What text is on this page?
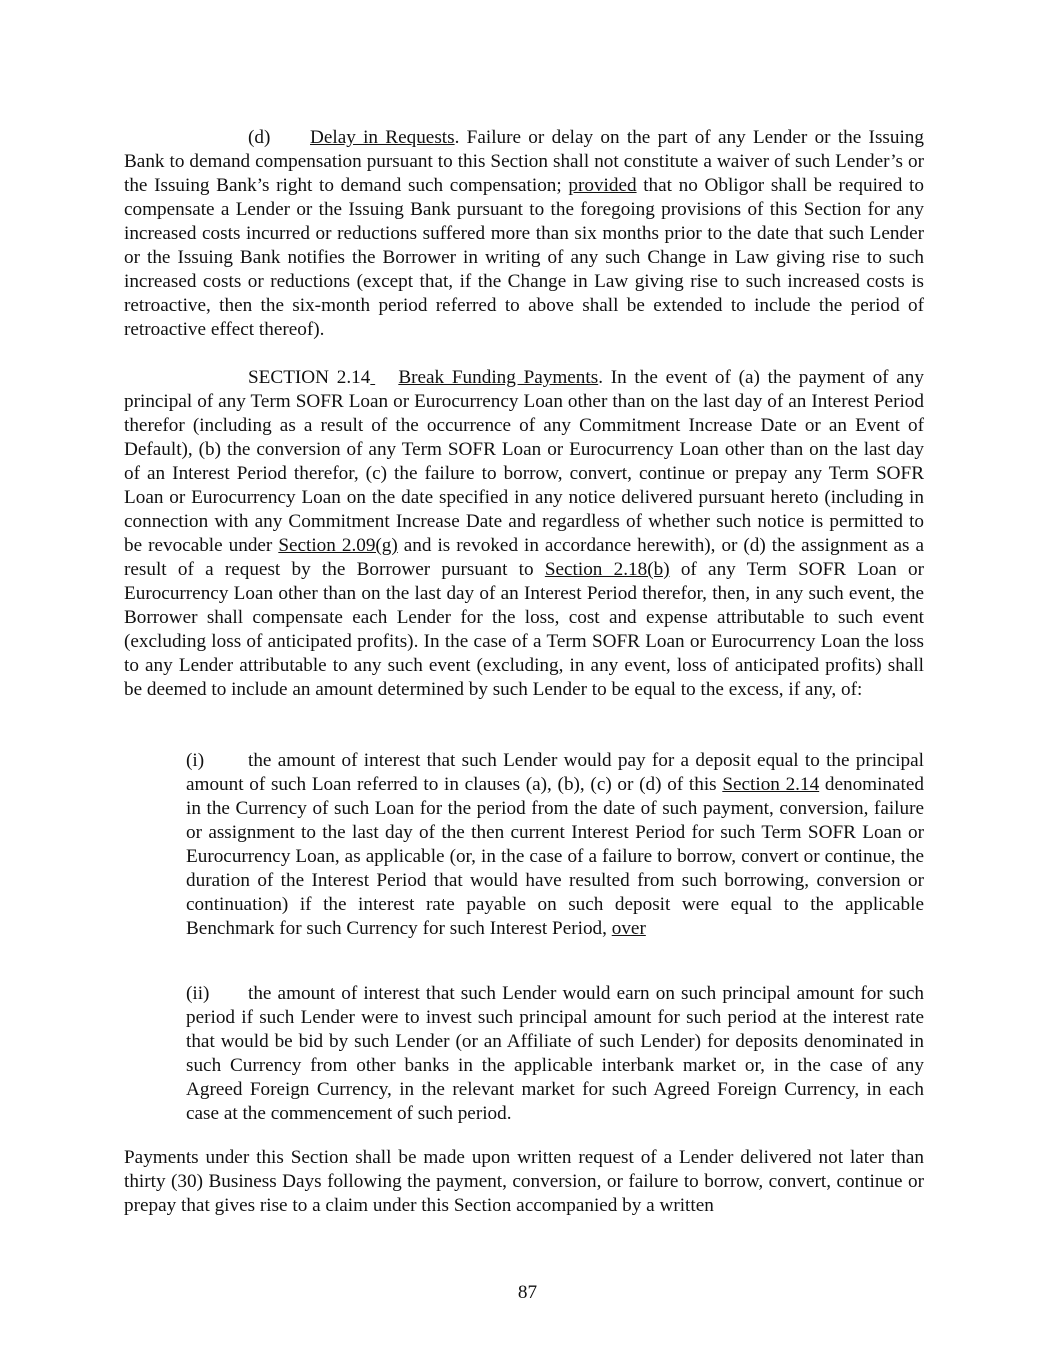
(d) Delay in Requests. Failure or delay on the part of any Lender or the Issuing Bank to demand compensation pursuant to this Section shall not constitute a waiver of such Lender’s or the Issuing Bank’s right to demand such compensation; provided that no Obligor shall be required to compensate a Lender or the Issuing Bank pursuant to the foregoing provisions of this Section for any increased costs incurred or reductions suffered more than six months prior to the date that such Lender or the Issuing Bank notifies the Borrower in writing of any such Change in Law giving rise to such increased costs or reductions (except that, if the Change in Law giving rise to such increased costs is retroactive, then the six-month period referred to above shall be extended to include the period of retroactive effect thereof).

SECTION 2.14 Break Funding Payments. In the event of (a) the payment of any principal of any Term SOFR Loan or Eurocurrency Loan other than on the last day of an Interest Period therefor (including as a result of the occurrence of any Commitment Increase Date or an Event of Default), (b) the conversion of any Term SOFR Loan or Eurocurrency Loan other than on the last day of an Interest Period therefor, (c) the failure to borrow, convert, continue or prepay any Term SOFR Loan or Eurocurrency Loan on the date specified in any notice delivered pursuant hereto (including in connection with any Commitment Increase Date and regardless of whether such notice is permitted to be revocable under Section 2.09(g) and is revoked in accordance herewith), or (d) the assignment as a result of a request by the Borrower pursuant to Section 2.18(b) of any Term SOFR Loan or Eurocurrency Loan other than on the last day of an Interest Period therefor, then, in any such event, the Borrower shall compensate each Lender for the loss, cost and expense attributable to such event (excluding loss of anticipated profits). In the case of a Term SOFR Loan or Eurocurrency Loan the loss to any Lender attributable to any such event (excluding, in any event, loss of anticipated profits) shall be deemed to include an amount determined by such Lender to be equal to the excess, if any, of:

(i) the amount of interest that such Lender would pay for a deposit equal to the principal amount of such Loan referred to in clauses (a), (b), (c) or (d) of this Section 2.14 denominated in the Currency of such Loan for the period from the date of such payment, conversion, failure or assignment to the last day of the then current Interest Period for such Term SOFR Loan or Eurocurrency Loan, as applicable (or, in the case of a failure to borrow, convert or continue, the duration of the Interest Period that would have resulted from such borrowing, conversion or continuation) if the interest rate payable on such deposit were equal to the applicable Benchmark for such Currency for such Interest Period, over

(ii) the amount of interest that such Lender would earn on such principal amount for such period if such Lender were to invest such principal amount for such period at the interest rate that would be bid by such Lender (or an Affiliate of such Lender) for deposits denominated in such Currency from other banks in the applicable interbank market or, in the case of any Agreed Foreign Currency, in the relevant market for such Agreed Foreign Currency, in each case at the commencement of such period.

Payments under this Section shall be made upon written request of a Lender delivered not later than thirty (30) Business Days following the payment, conversion, or failure to borrow, convert, continue or prepay that gives rise to a claim under this Section accompanied by a written

87
